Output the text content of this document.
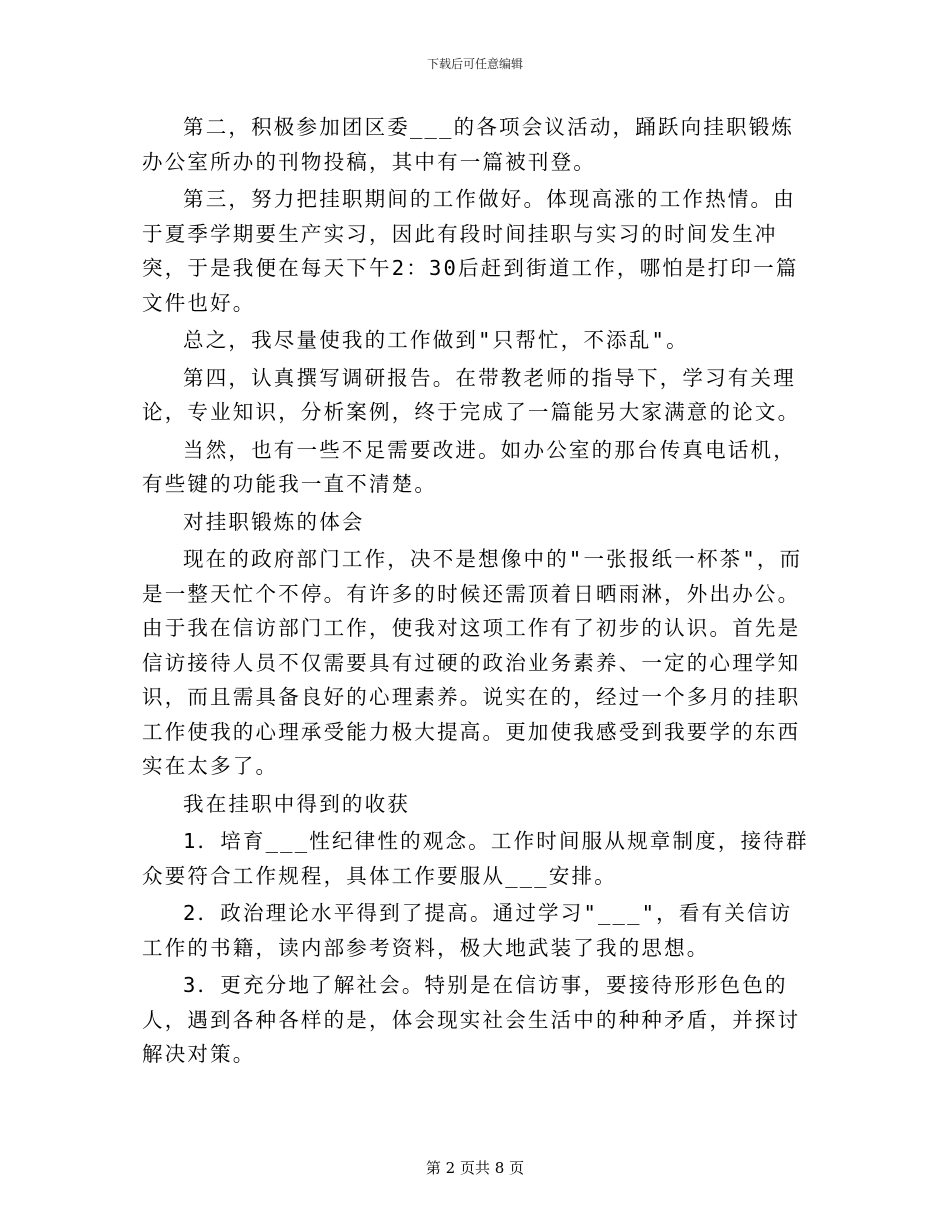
下载后可任意编辑

第二，积极参加团区委___的各项会议活动，踊跃向挂职锻炼办公室所办的刊物投稿，其中有一篇被刊登。

第三，努力把挂职期间的工作做好。体现高涨的工作热情。由于夏季学期要生产实习，因此有段时间挂职与实习的时间发生冲突，于是我便在每天下午2：30后赶到街道工作，哪怕是打印一篇文件也好。

总之，我尽量使我的工作做到"只帮忙，不添乱"。

第四，认真撰写调研报告。在带教老师的指导下，学习有关理论，专业知识，分析案例，终于完成了一篇能另大家满意的论文。

当然，也有一些不足需要改进。如办公室的那台传真电话机，有些键的功能我一直不清楚。

对挂职锻炼的体会

现在的政府部门工作，决不是想像中的"一张报纸一杯茶"，而是一整天忙个不停。有许多的时候还需顶着日晒雨淋，外出办公。由于我在信访部门工作，使我对这项工作有了初步的认识。首先是信访接待人员不仅需要具有过硬的政治业务素养、一定的心理学知识，而且需具备良好的心理素养。说实在的，经过一个多月的挂职工作使我的心理承受能力极大提高。更加使我感受到我要学的东西实在太多了。

我在挂职中得到的收获

1．培育___性纪律性的观念。工作时间服从规章制度，接待群众要符合工作规程，具体工作要服从___安排。

2．政治理论水平得到了提高。通过学习"___"，看有关信访工作的书籍，读内部参考资料，极大地武装了我的思想。

3．更充分地了解社会。特别是在信访事，要接待形形色色的人，遇到各种各样的是，体会现实社会生活中的种种矛盾，并探讨解决对策。

第 2 页共 8 页
